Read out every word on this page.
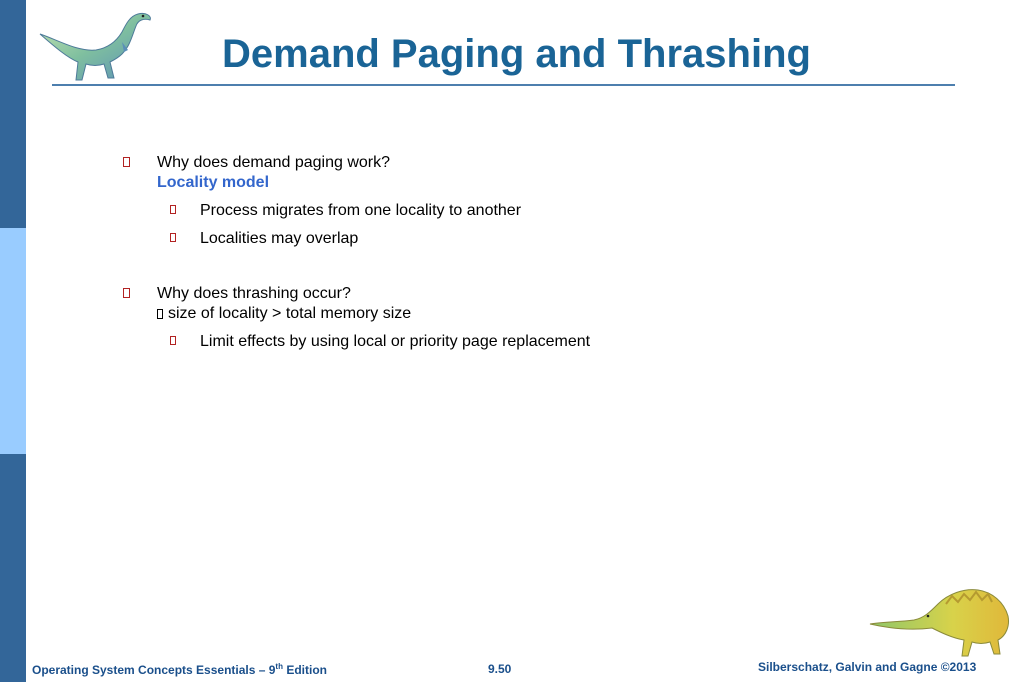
Demand Paging and Thrashing
Why does demand paging work?
Locality model
Process migrates from one locality to another
Localities may overlap
Why does thrashing occur?
size of locality > total memory size
Limit effects by using local or priority page replacement
Operating System Concepts Essentials – 9th Edition	9.50	Silberschatz, Galvin and Gagne ©2013
